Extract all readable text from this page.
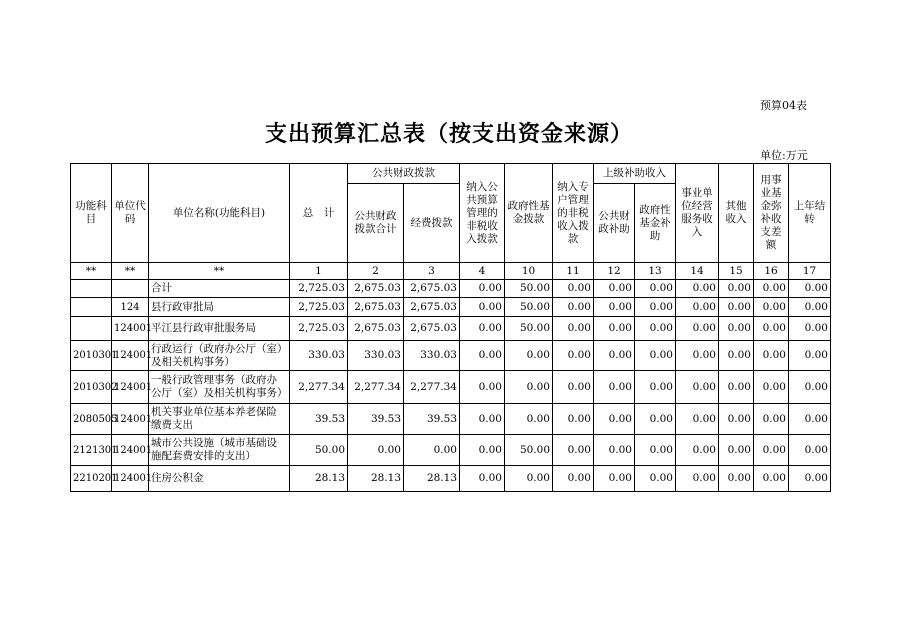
预算04表
支出预算汇总表（按支出资金来源）
单位:万元
功能科目	单位代码	单位名称(功能科目)	总　计	公共财政拨款		纳入公共预算管理的非税收入拨款	政府性基金拨款	纳入专户管理的非税收入拨款	上级补助收入		事业单位经营服务收入	其他收入	用事业基金弥补收支差额	上年结转
				公共财政拨款合计	经费拨款				公共财政补助	政府性基金补助				
**	**	**	1	2	3	4	10	11	12	13	14	15	16	17
		合计	2,725.03	2,675.03	2,675.03	0.00	50.00	0.00	0.00	0.00	0.00	0.00	0.00	0.00
	124	县行政审批局	2,725.03	2,675.03	2,675.03	0.00	50.00	0.00	0.00	0.00	0.00	0.00	0.00	0.00
	124001	平江县行政审批服务局	2,725.03	2,675.03	2,675.03	0.00	50.00	0.00	0.00	0.00	0.00	0.00	0.00	0.00
2010301	124001	行政运行（政府办公厅（室）及相关机构事务）	330.03	330.03	330.03	0.00	0.00	0.00	0.00	0.00	0.00	0.00	0.00	0.00
2010302	124001	一般行政管理事务（政府办公厅（室）及相关机构事务）	2,277.34	2,277.34	2,277.34	0.00	0.00	0.00	0.00	0.00	0.00	0.00	0.00	0.00
2080505	124001	机关事业单位基本养老保险缴费支出	39.53	39.53	39.53	0.00	0.00	0.00	0.00	0.00	0.00	0.00	0.00	0.00
2121301	124001	城市公共设施（城市基础设施配套费安排的支出）	50.00	0.00	0.00	0.00	50.00	0.00	0.00	0.00	0.00	0.00	0.00	0.00
2210201	124001	住房公积金	28.13	28.13	28.13	0.00	0.00	0.00	0.00	0.00	0.00	0.00	0.00	0.00
